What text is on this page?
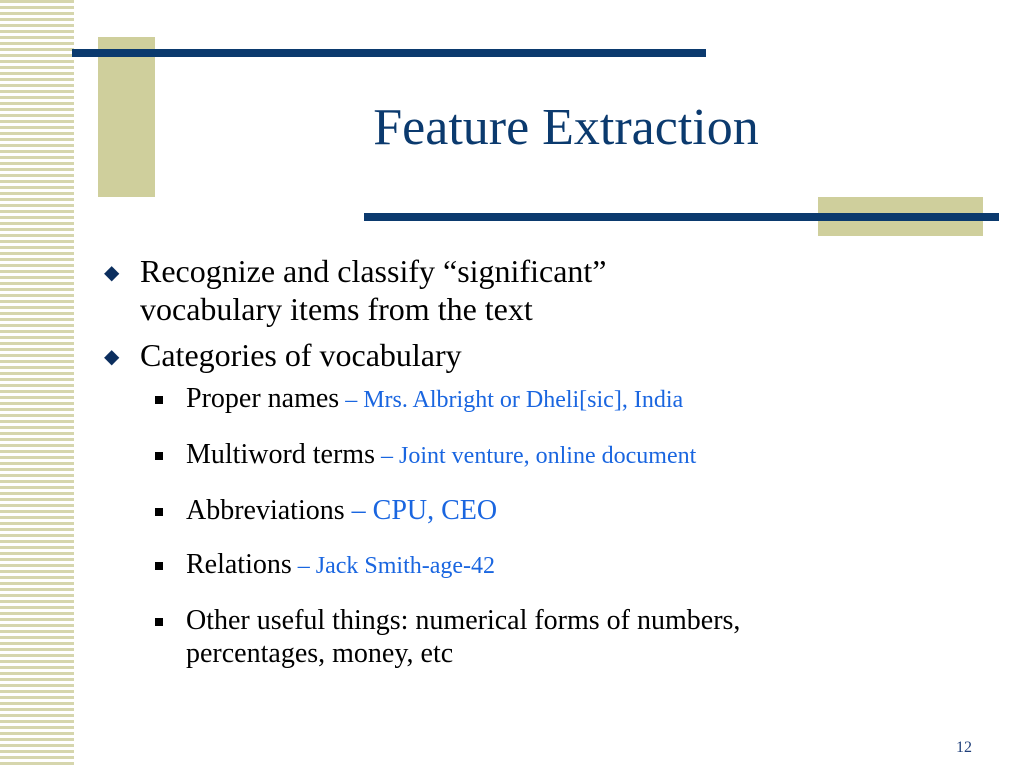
Feature Extraction
◆ Recognize and classify “significant”
vocabulary items from the text
◆ Categories of vocabulary
Proper names – Mrs. Albright or Dheli[sic], India
Multiword terms – Joint venture, online document
Abbreviations – CPU, CEO
Relations – Jack Smith-age-42
Other useful things: numerical forms of numbers,
percentages, money, etc
12
